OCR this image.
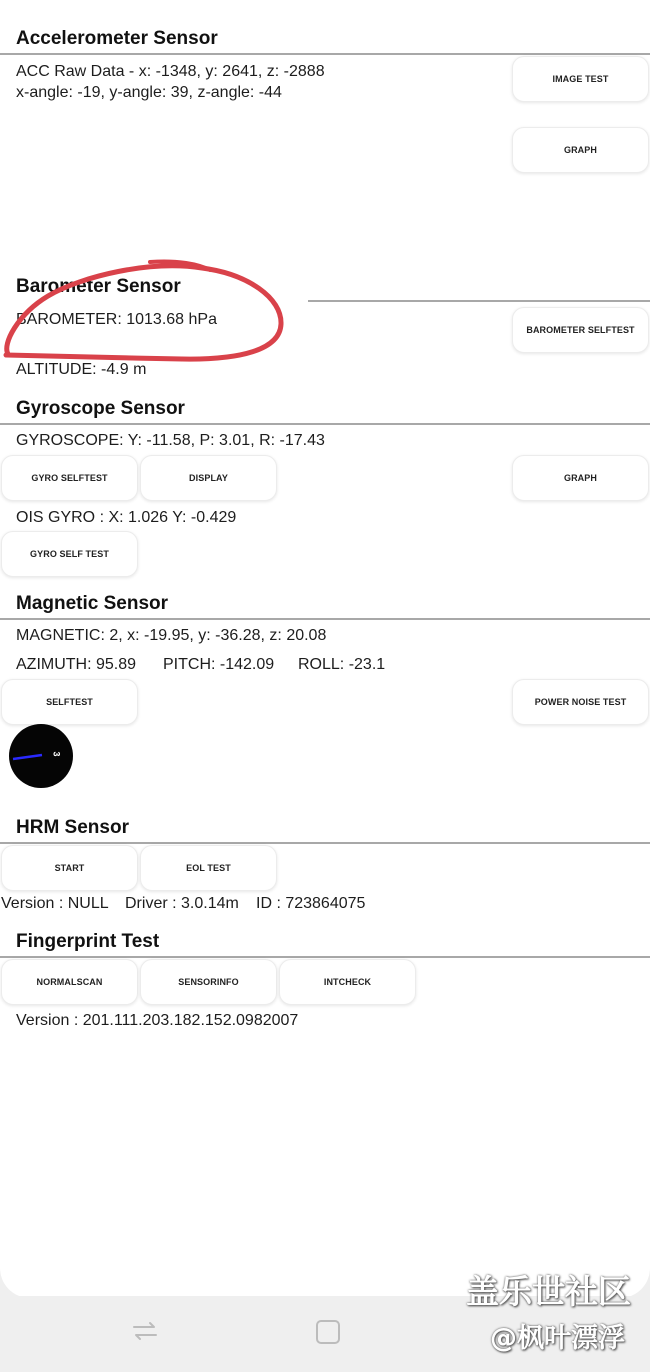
Accelerometer Sensor
ACC Raw Data - x: -1348, y: 2641, z: -2888
x-angle: -19, y-angle: 39, z-angle: -44
IMAGE TEST
GRAPH
Barometer Sensor
BAROMETER: 1013.68 hPa
ALTITUDE: -4.9 m
BAROMETER SELFTEST
Gyroscope Sensor
GYROSCOPE: Y: -11.58, P: 3.01, R: -17.43
GYRO SELFTEST	DISPLAY	GRAPH
OIS GYRO : X: 1.026 Y: -0.429
GYRO SELF TEST
Magnetic Sensor
MAGNETIC: 2, x: -19.95, y: -36.28, z: 20.08
AZIMUTH: 95.89 PITCH: -142.09 ROLL: -23.1
SELFTEST	POWER NOISE TEST
3
HRM Sensor
START	EOL TEST
Version : NULL Driver : 3.0.14m ID : 723864075
Fingerprint Test
NORMALSCAN	SENSORINFO	INTCHECK
Version : 201.111.203.182.152.0982007
盖乐世社区
@枫叶漂浮
